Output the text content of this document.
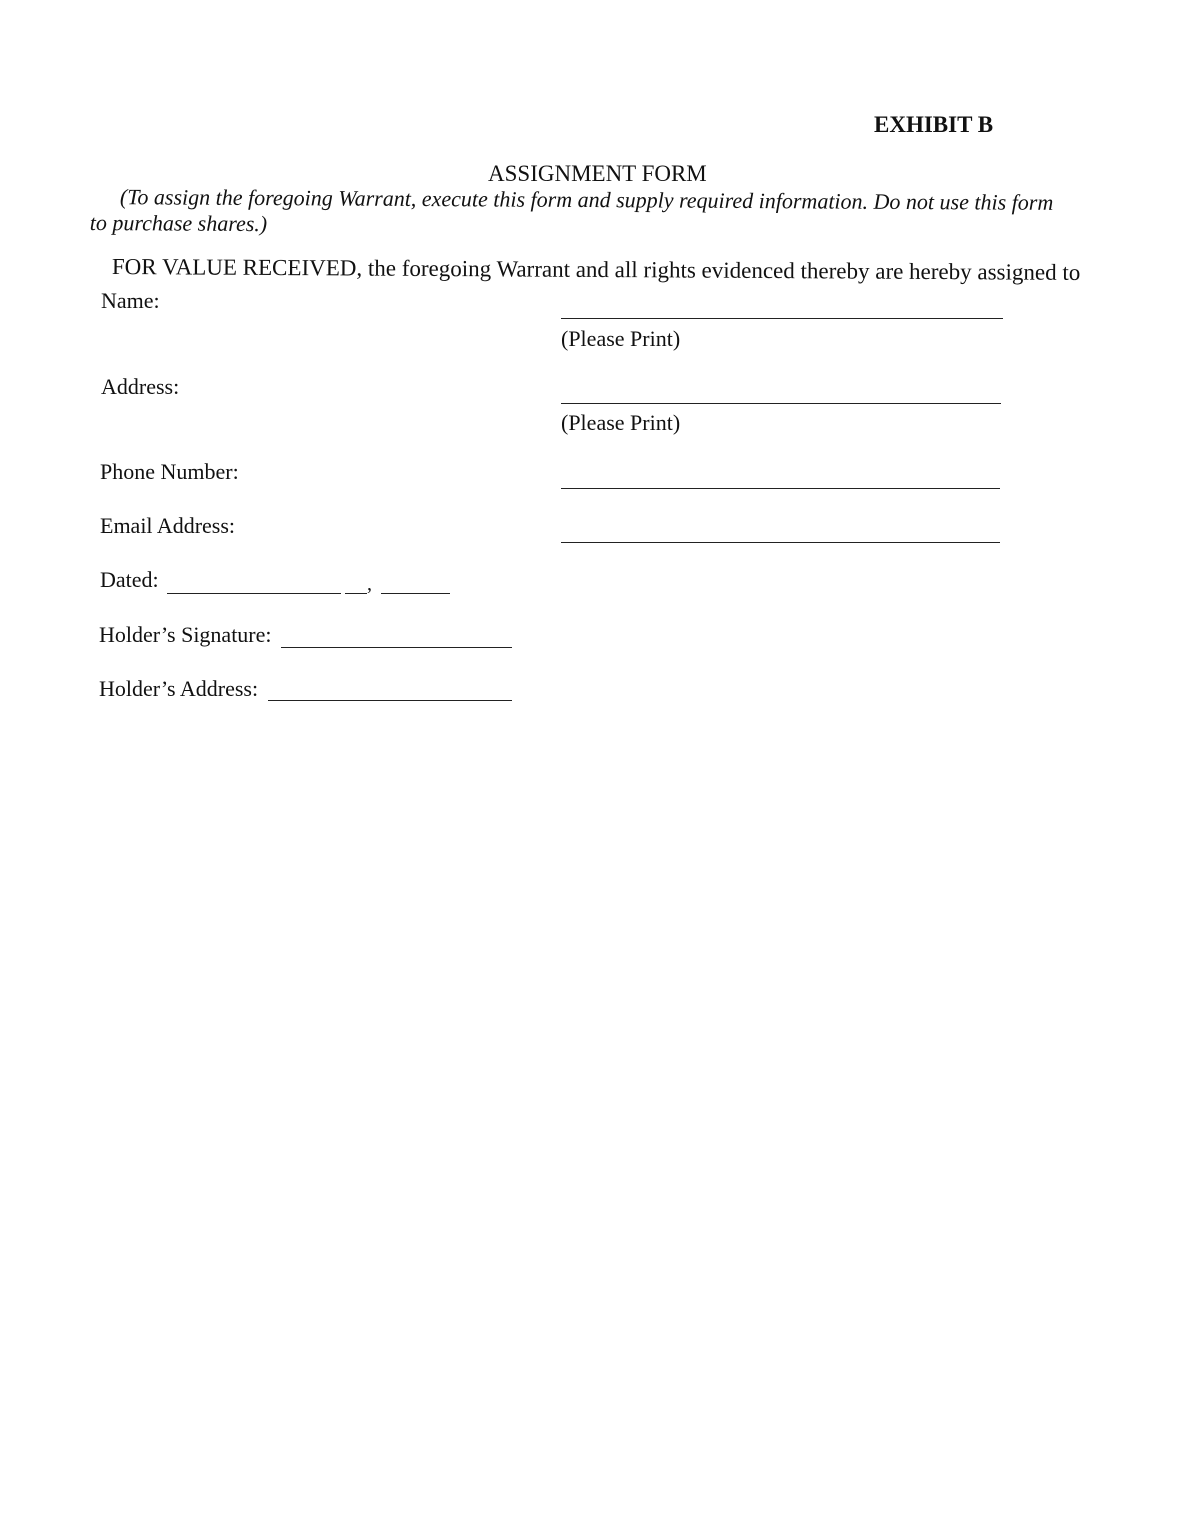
EXHIBIT B
ASSIGNMENT FORM
(To assign the foregoing Warrant, execute this form and supply required information. Do not use this form to purchase shares.)
FOR VALUE RECEIVED, the foregoing Warrant and all rights evidenced thereby are hereby assigned to
Name:
(Please Print)
Address:
(Please Print)
Phone Number:
Email Address:
Dated:	,
Holder’s Signature:
Holder’s Address:
